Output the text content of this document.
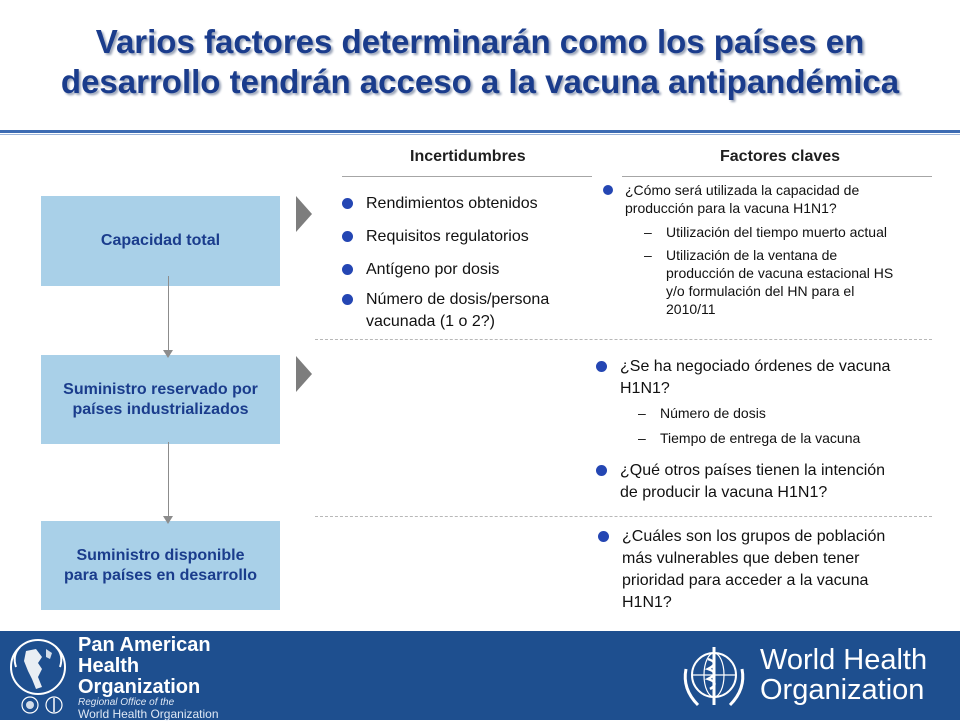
Varios factores determinarán como los países en
desarrollo tendrán acceso a la vacuna antipandémica
Incertidumbres	Factores claves
Capacidad total
Suministro reservado por
países industrializados
Suministro disponible
para países en desarrollo
Rendimientos obtenidos
Requisitos regulatorios
Antígeno por dosis
Número de dosis/persona
vacunada (1 o 2?)
¿Cómo será utilizada la capacidad de
producción para la vacuna H1N1?
– Utilización del tiempo muerto actual
– Utilización de la ventana de
producción de vacuna estacional HS
y/o formulación del HN para el
2010/11
¿Se ha negociado órdenes de vacuna
H1N1?
– Número de dosis
– Tiempo de entrega de la vacuna
¿Qué otros países tienen la intención
de producir la vacuna H1N1?
¿Cuáles son los grupos de población
más vulnerables que deben tener
prioridad para acceder a la vacuna
H1N1?
Pan American
Health
Organization
Regional Office of the
World Health Organization
World Health
Organization
